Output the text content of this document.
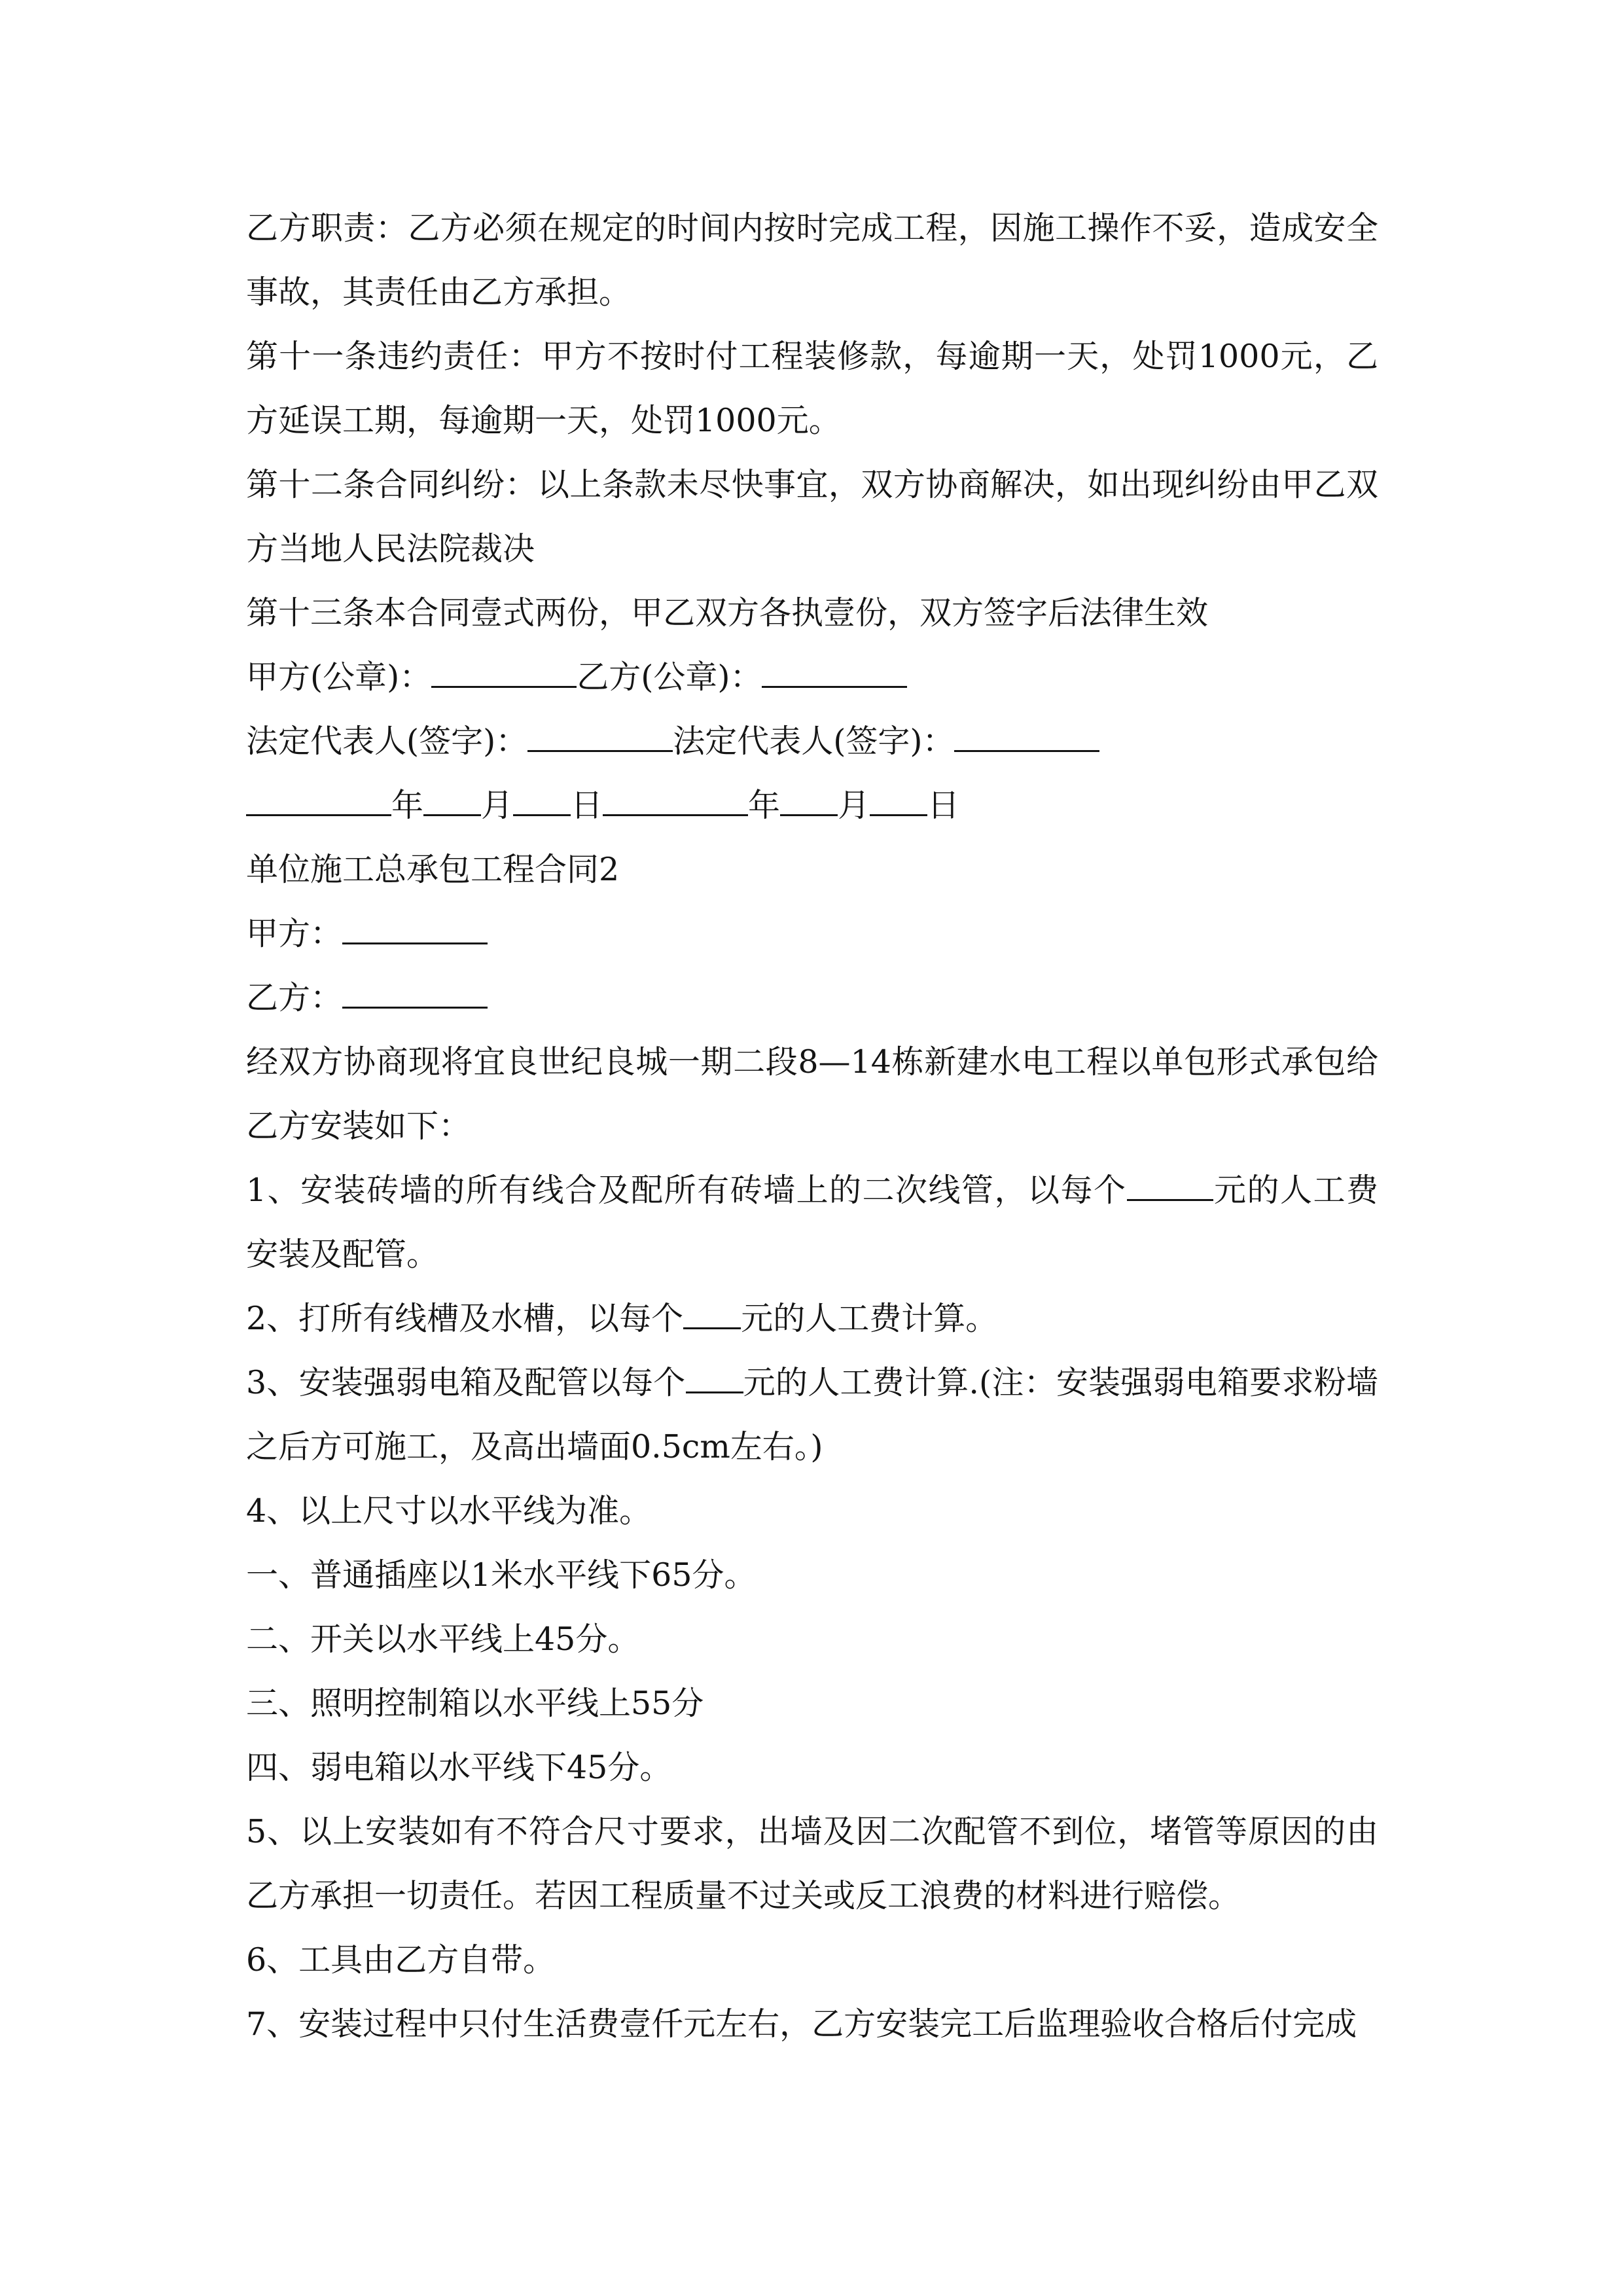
乙方职责：乙方必须在规定的时间内按时完成工程，因施工操作不妥，造成安全事故，其责任由乙方承担。

第十一条违约责任：甲方不按时付工程装修款，每逾期一天，处罚1000元，乙方延误工期，每逾期一天，处罚1000元。

第十二条合同纠纷：以上条款未尽快事宜，双方协商解决，如出现纠纷由甲乙双方当地人民法院裁决

第十三条本合同壹式两份，甲乙双方各执壹份，双方签字后法律生效

甲方(公章)：	乙方(公章)：

法定代表人(签字)：	法定代表人(签字)：

年 月 日	年 月 日

单位施工总承包工程合同2

甲方：

乙方：

经双方协商现将宜良世纪良城一期二段8—14栋新建水电工程以单包形式承包给乙方安装如下：

1、安装砖墙的所有线合及配所有砖墙上的二次线管，以每个	元的人工费安装及配管。

2、打所有线槽及水槽，以每个 元的人工费计算。

3、安装强弱电箱及配管以每个 元的人工费计算.(注：安装强弱电箱要求粉墙之后方可施工，及高出墙面0.5cm左右。)

4、以上尺寸以水平线为准。

一、普通插座以1米水平线下65分。

二、开关以水平线上45分。

三、照明控制箱以水平线上55分

四、弱电箱以水平线下45分。

5、以上安装如有不符合尺寸要求，出墙及因二次配管不到位，堵管等原因的由乙方承担一切责任。若因工程质量不过关或反工浪费的材料进行赔偿。

6、工具由乙方自带。

7、安装过程中只付生活费壹仟元左右，乙方安装完工后监理验收合格后付完成
